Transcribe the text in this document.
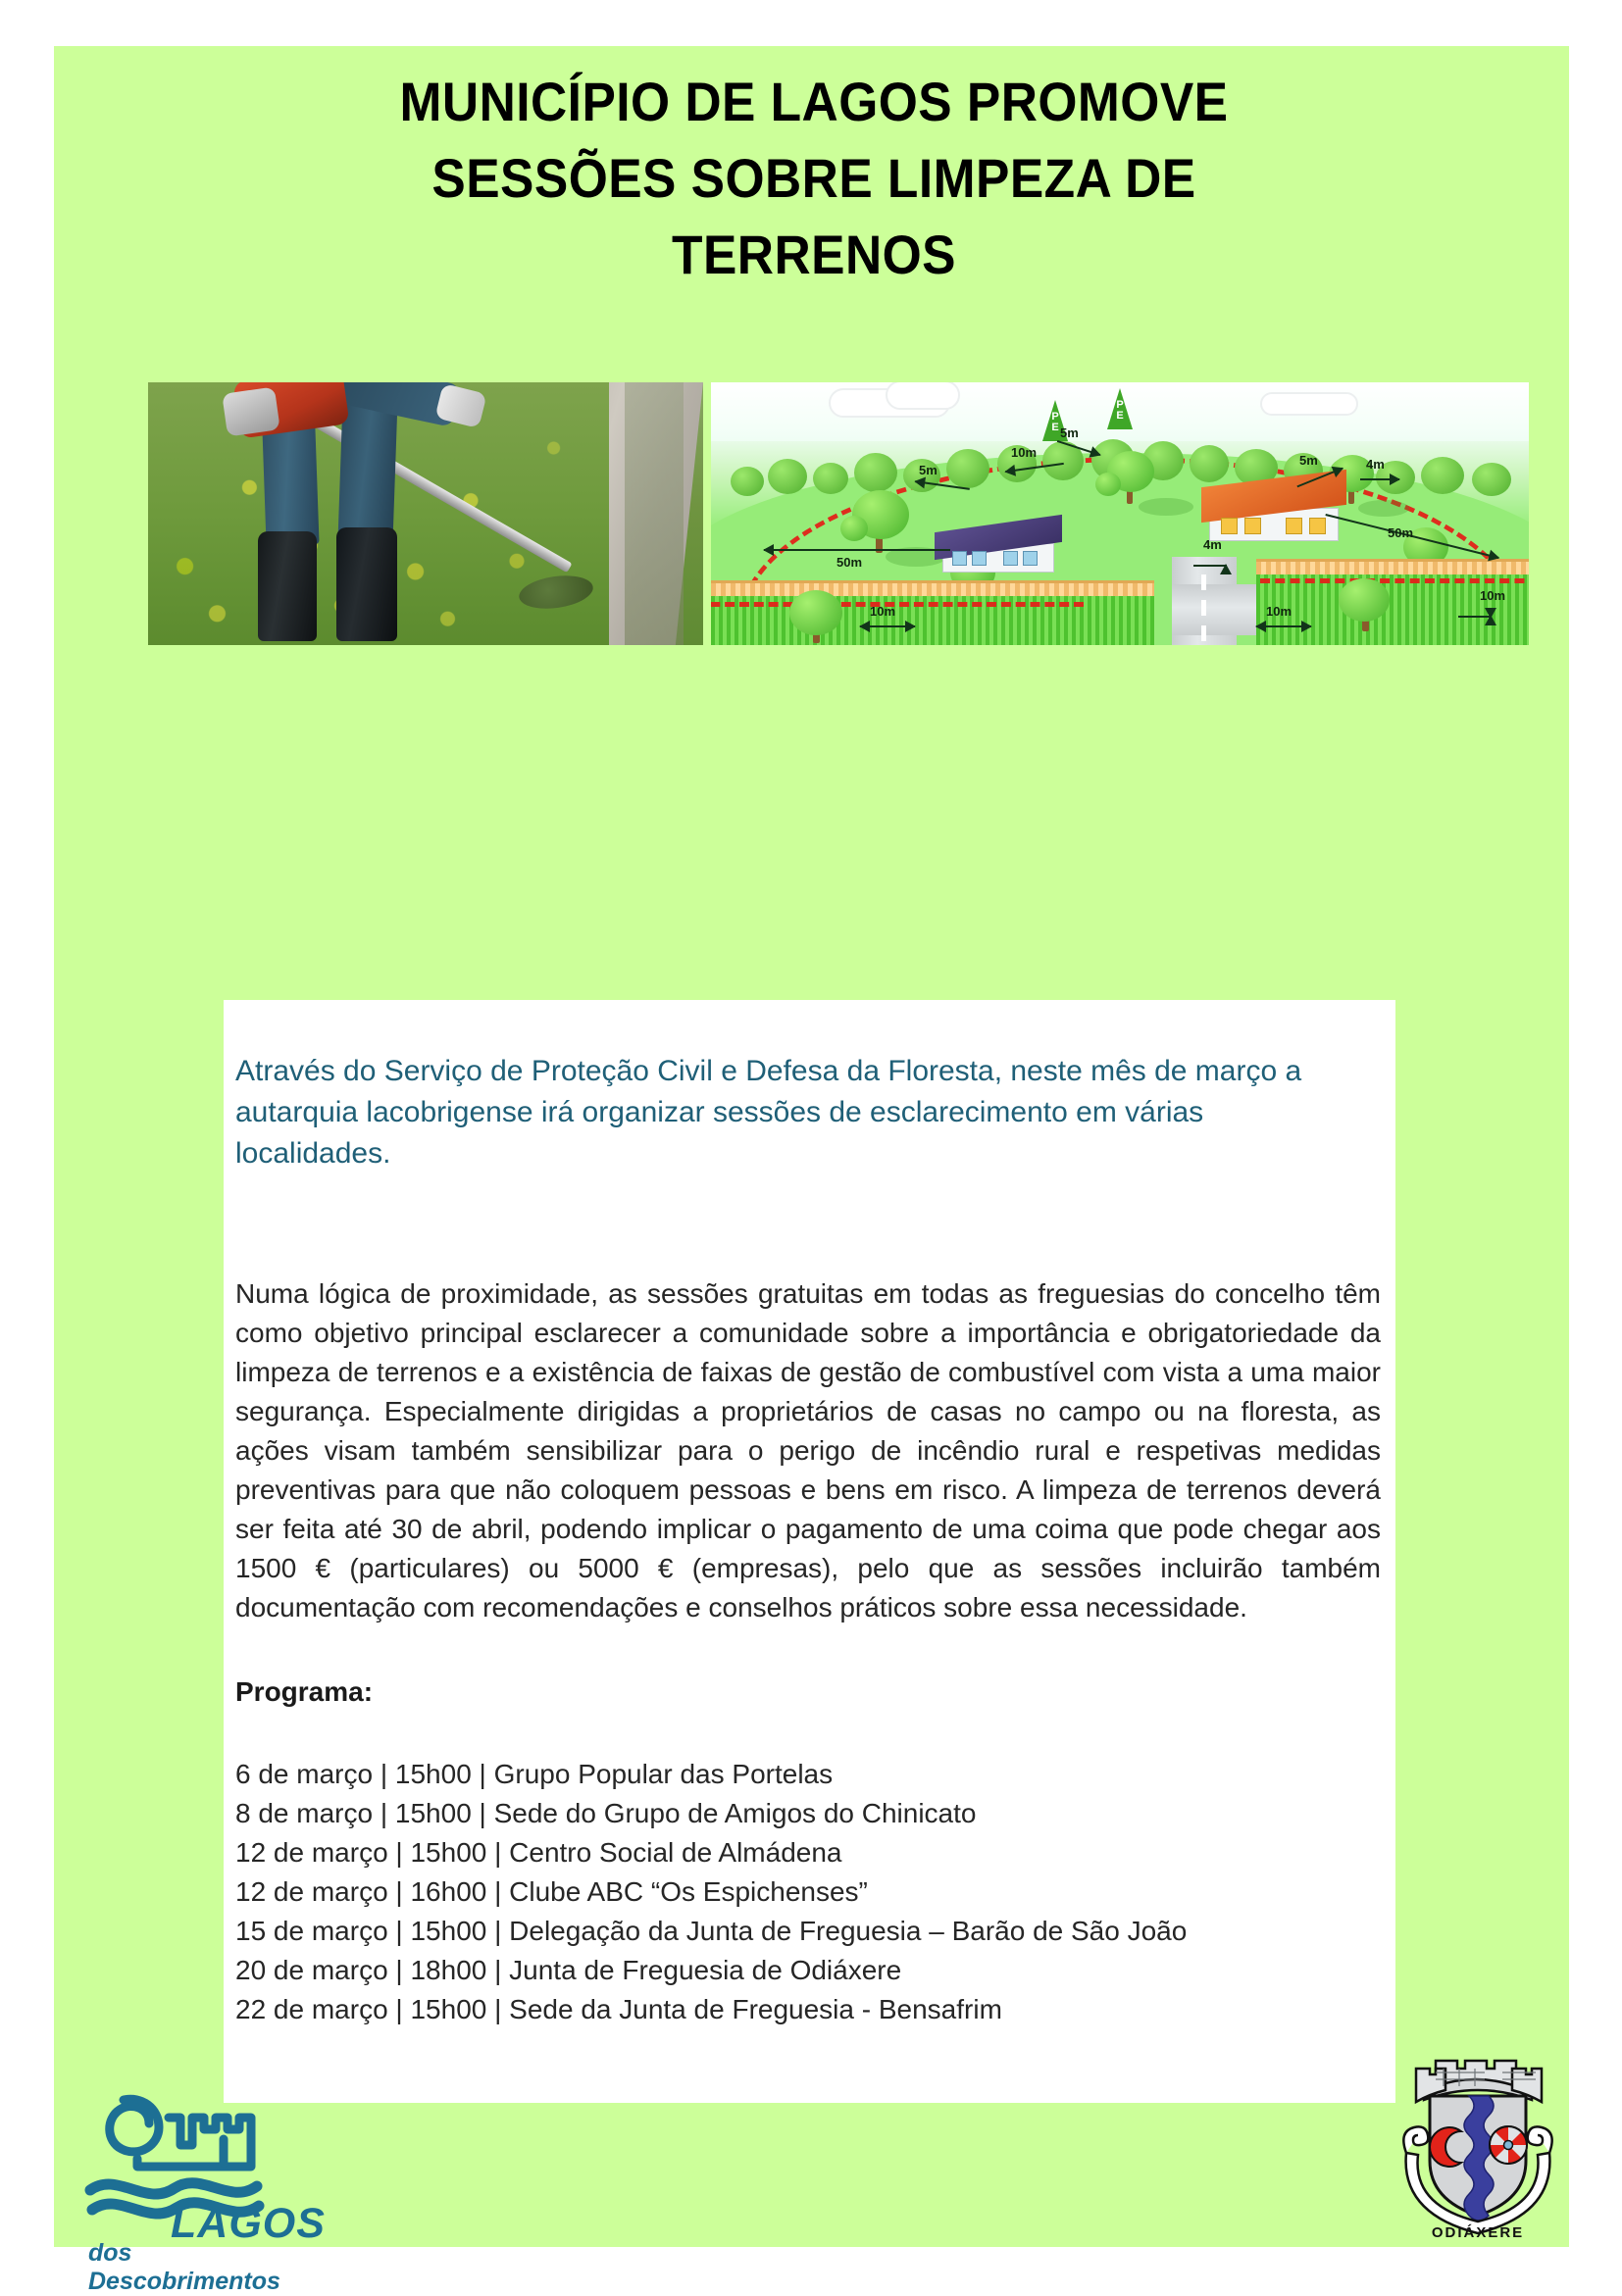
MUNICÍPIO DE LAGOS PROMOVE
SESSÕES SOBRE LIMPEZA DE
TERRENOS
P
E
P
E
5m
10m
5m
5m	4m
50m
4m
50m
10m
10m	10m

Através do Serviço de Proteção Civil e Defesa da Floresta, neste mês de março a autarquia lacobrigense irá organizar sessões de esclarecimento em várias localidades.

Numa lógica de proximidade, as sessões gratuitas em todas as freguesias do concelho têm como objetivo principal esclarecer a comunidade sobre a importância e obrigatoriedade da limpeza de terrenos e a existência de faixas de gestão de combustível com vista a uma maior segurança. Especialmente dirigidas a proprietários de casas no campo ou na floresta, as ações visam também sensibilizar para o perigo de incêndio rural e respetivas medidas preventivas para que não coloquem pessoas e bens em risco. A limpeza de terrenos deverá ser feita até 30 de abril, podendo implicar o pagamento de uma coima que pode chegar aos 1500 € (particulares) ou 5000 € (empresas), pelo que as sessões incluirão também documentação com recomendações e conselhos práticos sobre essa necessidade.

Programa:
6 de março | 15h00 | Grupo Popular das Portelas
8 de março | 15h00 | Sede do Grupo de Amigos do Chinicato
12 de março | 15h00 | Centro Social de Almádena
12 de março | 16h00 | Clube ABC “Os Espichenses”
15 de março | 15h00 | Delegação da Junta de Freguesia – Barão de São João
20 de março | 18h00 | Junta de Freguesia de Odiáxere
22 de março | 15h00 | Sede da Junta de Freguesia - Bensafrim
LAGOS
dos Descobrimentos
ODIÁXERE
